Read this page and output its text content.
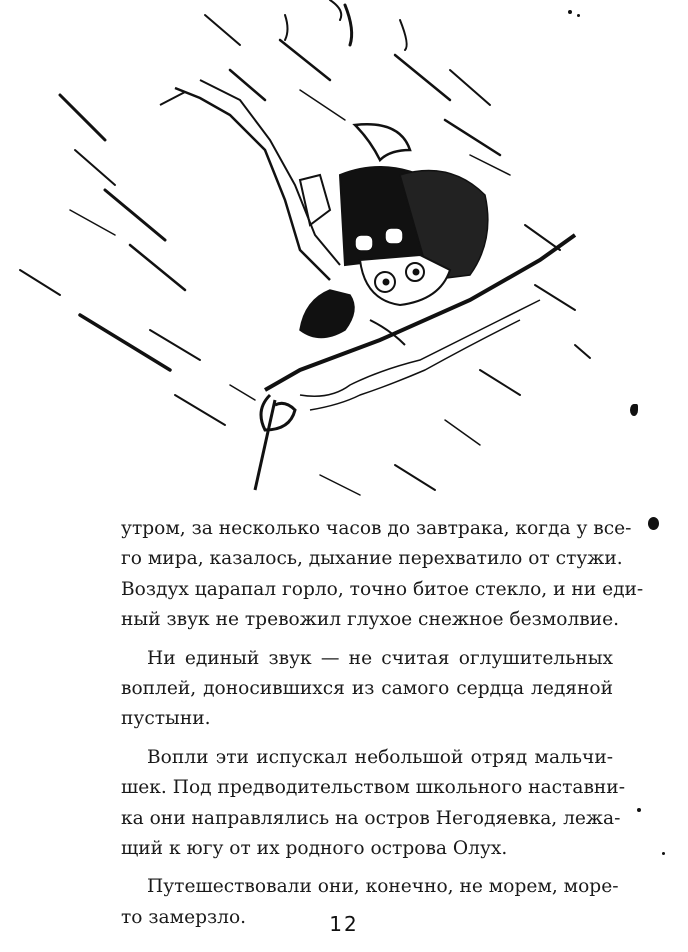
утром, за несколько часов до завтрака, когда у все-
го мира, казалось, дыхание перехватило от стужи.
Воздух царапал горло, точно битое стекло, и ни еди-
ный звук не тревожил глухое снежное безмолвие.
Ни единый звук — не считая оглушительных
воплей, доносившихся из самого сердца ледяной
пустыни.
Вопли эти испускал небольшой отряд мальчи-
шек. Под предводительством школьного наставни-
ка они направлялись на остров Негодяевка, лежа-
щий к югу от их родного острова Олух.
Путешествовали они, конечно, не морем, море-
то замерзло.	12
